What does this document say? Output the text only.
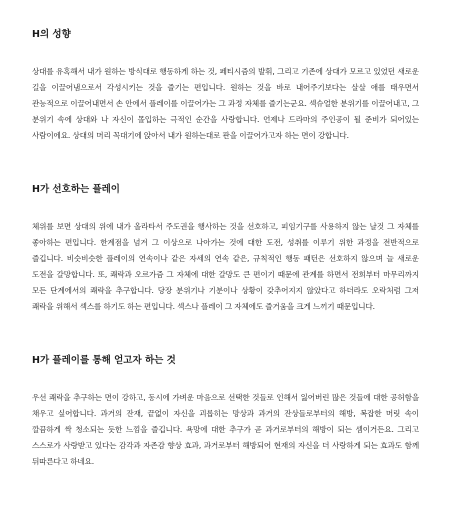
H의 성향

상대를 유혹해서 내가 원하는 방식대로 행동하게 하는 것, 페티시즘의 발휘, 그리고 기존에 상대가 모르고 있었던 새로운 길을 이끌어냄으로서 각성시키는 것을 즐기는 편입니다. 원하는 것을 바로 내어주기보다는 살살 애를 태우면서 관능적으로 이끌어내면서 손 안에서 플레이를 이끌어가는 그 과정 자체를 즐기는군요. 섹슈얼한 분위기를 이끌어내고, 그 분위기 속에 상대와 나 자신이 몰입하는 극적인 순간을 사랑합니다. 언제나 드라마의 주인공이 될 준비가 되어있는 사람이에요. 상대의 머리 꼭대기에 앉아서 내가 원하는대로 판을 이끌어가고자 하는 면이 강합니다.

H가 선호하는 플레이

체위를 보면 상대의 위에 내가 올라타서 주도권을 행사하는 것을 선호하고, 피임기구를 사용하지 않는 날것 그 자체를 좋아하는 편입니다. 한계점을 넘겨 그 이상으로 나아가는 것에 대한 도전, 성취를 이루기 위한 과정을 전반적으로 즐깁니다. 비슷비슷한 플레이의 연속이나 같은 자세의 연속 같은, 규칙적인 행동 패턴은 선호하지 않으며 늘 새로운 도전을 갈망합니다. 또, 쾌락과 오르가즘 그 자체에 대한 갈망도 큰 편이기 때문에 관계를 하면서 전희부터 마무리까지 모든 단계에서의 쾌락을 추구합니다. 당장 분위기나 기분이나 상황이 갖추어지지 않았다고 하더라도 오락처럼 그저 쾌락을 위해서 섹스를 하기도 하는 편입니다. 섹스나 플레이 그 자체에도 즐거움을 크게 느끼기 때문입니다.

H가 플레이를 통해 얻고자 하는 것

우선 쾌락을 추구하는 면이 강하고, 동시에 가벼운 마음으로 선택한 것들로 인해서 잃어버린 많은 것들에 대한 공허함을 채우고 싶어합니다. 과거의 잔재, 끝없이 자신을 괴롭히는 망상과 과거의 잔상들로부터의 해방, 복잡한 머릿 속이 깔끔하게 싹 청소되는 듯한 느낌을 즐깁니다. 욕망에 대한 추구가 곧 과거로부터의 해방이 되는 셈이거든요. 그리고 스스로가 사랑받고 있다는 감각과 자존감 향상 효과, 과거로부터 해방되어 현재의 자신을 더 사랑하게 되는 효과도 함께 뒤따른다고 하네요.
